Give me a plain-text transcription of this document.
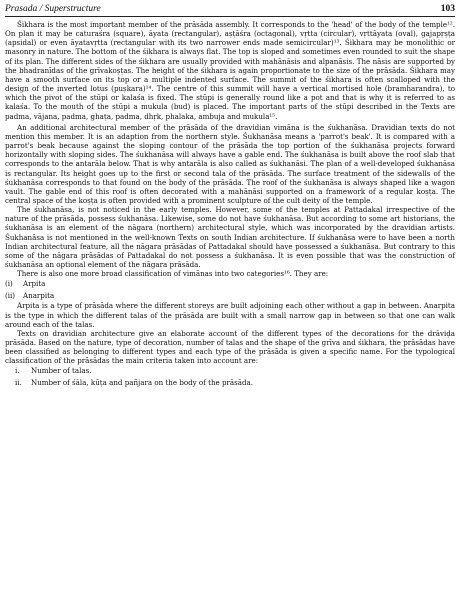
Prasada / Superstructure	103

Śikhara is the most important member of the prāsāda assembly. It corresponds to the 'head' of the body of the temple¹². On plan it may be caturaśra (square), āyata (rectangular), aṣṭāśra (octagonal), vṛtta (circular), vṛttāyata (oval), gajapṛṣṭa (apsidal) or even āyatavṛtta (rectangular with its two narrower ends made semicircular)¹³. Śikhara may be monolithic or masonry in nature. The bottom of the śikhara is always flat. The top is sloped and sometimes even rounded to suit the shape of its plan. The different sides of the śikhara are usually provided with mahānāsis and alpanāsis. The nāsis are supported by the bhadranīdas of the grīvakoṣṭas. The height of the śikhara is again proportionate to the size of the prāsāda. Śikhara may have a smooth surface on its top or a multiple indented surface. The summit of the śikhara is often scalloped with the design of the inverted lotus (puṣkara)¹⁴. The centre of this summit will have a vertical mortised hole (bramharandra), to which the pivot of the stūpi or kalaśa is fixed. The stūpi is generally round like a pot and that is why it is referred to as kalaśa. To the mouth of the stūpi a mukula (bud) is placed. The important parts of the stūpi described in the Texts are padma, vājana, padma, ghaṭa, padma, dhṛk, phalaka, ambuja and mukula¹⁵.

An additional architectural member of the prāsāda of the dravidian vimāna is the śukhanāsa. Dravidian texts do not mention this member. It is an adaption from the northern style. Śukhanāsa means a 'parrot's beak'. It is compared with a parrot's beak because against the sloping contour of the prāsāda the top portion of the śukhanāsa projects forward horizontally with sloping sides. The śukhanāsa will always have a gable end. The śukhanāsa is built above the roof slab that corresponds to the antarāla below. That is why antarāla is also called as śukhanāsi. The plan of a well-developed śukhanāsa is rectangular. Its height goes up to the first or second tala of the prāsāda. The surface treatment of the sidewalls of the śukhanāsa corresponds to that found on the body of the prāsāda. The roof of the śukhanāsa is always shaped like a wagon vault. The gable end of this roof is often decorated with a mahānāsi supported on a framework of a regular koṣṭa. The central space of the koṣṭa is often provided with a prominent sculpture of the cult deity of the temple.

The śukhanāsa, is not noticed in the early temples. However, some of the temples at Pattadakal irrespective of the nature of the prāsāda, possess śukhanāsa. Likewise, some do not have śukhanāsa. But according to some art historians, the śukhanāsa is an element of the nāgara (northern) architectural style, which was incorporated by the dravidian artists. Śukhanāsa is not mentioned in the well-known Texts on south Indian architecture. If śukhanāsa were to have been a north Indian architectural feature, all the nāgara prāsādas of Pattadakal should have possessed a śukhanāsa. But contrary to this some of the nāgara prāsādas of Pattadakal do not possess a śukhanāsa. It is even possible that was the construction of śukhanāsa an optional element of the nāgara prāsāda.

There is also one more broad classification of vimānas into two categories¹⁶. They are:

(i)	Arpita
(ii)	Anarpita

Arpita is a type of prāsāda where the different storeys are built adjoining each other without a gap in between. Anarpita is the type in which the different talas of the prāsāda are built with a small narrow gap in between so that one can walk around each of the talas.

Texts on dravidian architecture give an elaborate account of the different types of the decorations for the drāviḍa prāsāda. Based on the nature, type of decoration, number of talas and the shape of the grīva and śikhara, the prāsādas have been classified as belonging to different types and each type of the prāsāda is given a specific name. For the typological classification of the prāsādas the main criteria taken into account are:

i.	Number of talas.
ii.	Number of śāla, kūṭa and pañjara on the body of the prāsāda.
